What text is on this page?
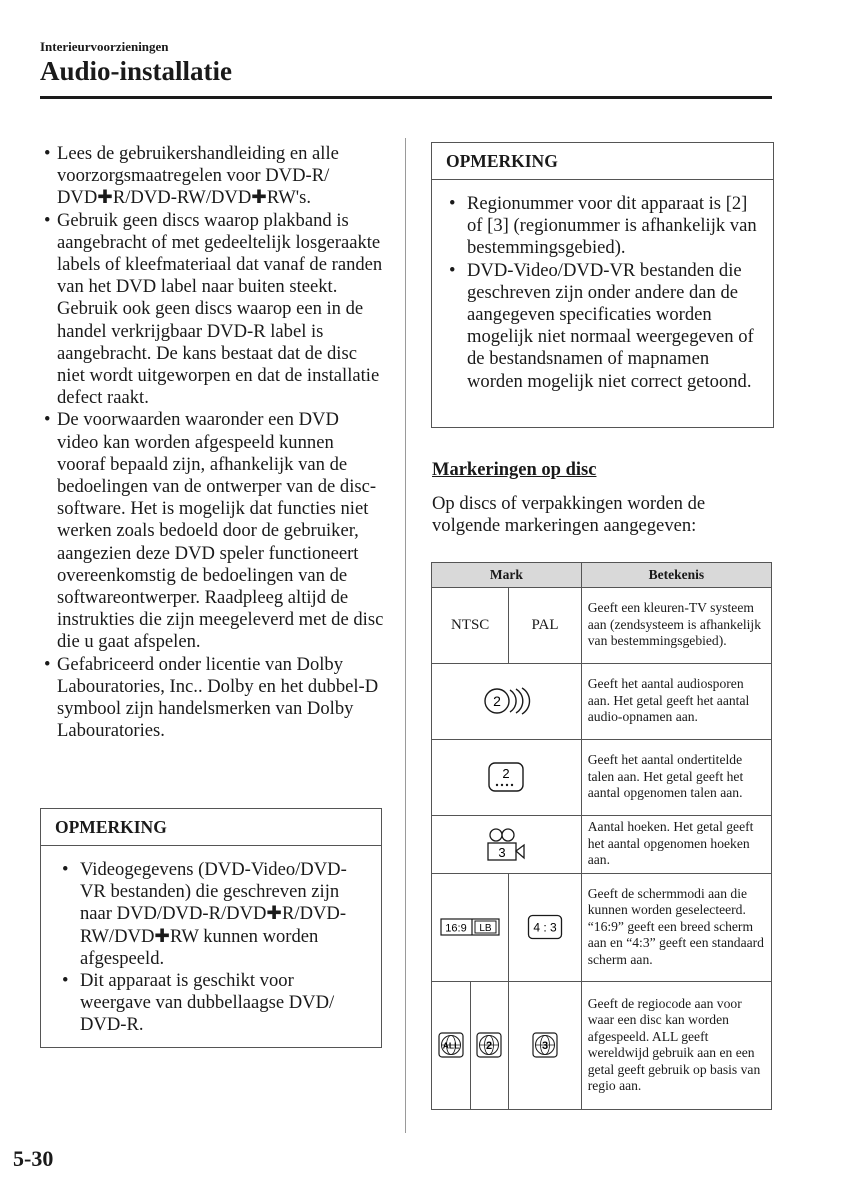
Interieurvoorzieningen
Audio-installatie
• Lees de gebruikershandleiding en alle voorzorgsmaatregelen voor DVD-R/ DVD✚R/DVD-RW/DVD✚RW's.
• Gebruik geen discs waarop plakband is aangebracht of met gedeeltelijk losgeraakte labels of kleefmateriaal dat vanaf de randen van het DVD label naar buiten steekt. Gebruik ook geen discs waarop een in de handel verkrijgbaar DVD-R label is aangebracht. De kans bestaat dat de disc niet wordt uitgeworpen en dat de installatie defect raakt.
• De voorwaarden waaronder een DVD video kan worden afgespeeld kunnen vooraf bepaald zijn, afhankelijk van de bedoelingen van de ontwerper van de disc-software. Het is mogelijk dat functies niet werken zoals bedoeld door de gebruiker, aangezien deze DVD speler functioneert overeenkomstig de bedoelingen van de softwareontwerper. Raadpleeg altijd de instrukties die zijn meegeleverd met de disc die u gaat afspelen.
• Gefabriceerd onder licentie van Dolby Labouratories, Inc.. Dolby en het dubbel-D symbool zijn handelsmerken van Dolby Labouratories.
OPMERKING
• Videogegevens (DVD-Video/DVD-VR bestanden) die geschreven zijn naar DVD/DVD-R/DVD✚R/DVD-RW/DVD✚RW kunnen worden afgespeeld.
• Dit apparaat is geschikt voor weergave van dubbellaagse DVD/ DVD-R.
OPMERKING
• Regionummer voor dit apparaat is [2] of [3] (regionummer is afhankelijk van bestemmingsgebied).
• DVD-Video/DVD-VR bestanden die geschreven zijn onder andere dan de aangegeven specificaties worden mogelijk niet normaal weergegeven of de bestandsnamen of mapnamen worden mogelijk niet correct getoond.
Markeringen op disc
Op discs of verpakkingen worden de volgende markeringen aangegeven:
Mark			Betekenis
NTSC		PAL	Geeft een kleuren-TV systeem aan (zendsysteem is afhankelijk van bestemmingsgebied).

2			Geeft het aantal audiosporen aan. Het getal geeft het aantal audio-opnamen aan.

2			Geeft het aantal ondertitelde talen aan. Het getal geeft het aantal opgenomen talen aan.

3			Aantal hoeken. Het getal geeft het aantal opgenomen hoeken aan.

16:9 LB		4 : 3	Geeft de schermmodi aan die kunnen worden geselecteerd. “16:9” geeft een breed scherm aan en “4:3” geeft een standaard scherm aan.

ALL	2	3	Geeft de regiocode aan voor waar een disc kan worden afgespeeld. ALL geeft wereldwijd gebruik aan en een getal geeft gebruik op basis van regio aan.
5-30
